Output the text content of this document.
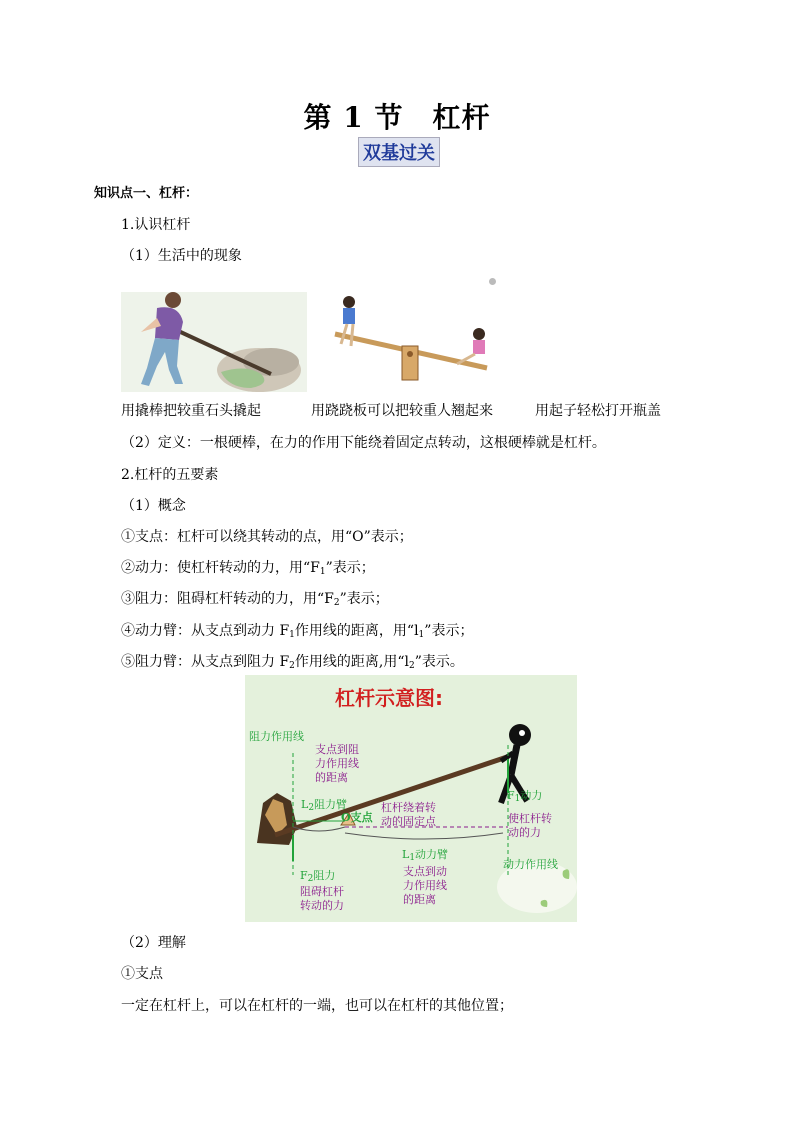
第 1 节　杠杆
双基过关
知识点一、杠杆：
1.认识杠杆
（1）生活中的现象
用撬棒把较重石头撬起	用跷跷板可以把较重人翘起来	用起子轻松打开瓶盖
（2）定义：一根硬棒，在力的作用下能绕着固定点转动，这根硬棒就是杠杆。
2.杠杆的五要素
（1）概念
①支点：杠杆可以绕其转动的点，用“O”表示；
②动力：使杠杆转动的力，用“$F_1$”表示；
③阻力：阻碍杠杆转动的力，用“$F_2$”表示；
④动力臂：从支点到动力 $F_1$作用线的距离，用“$l_1$”表示；
⑤阻力臂：从支点到阻力 $F_2$作用线的距离,用“$l_2$”表示。
杠杆示意图:
阻力作用线
支点到阻
力作用线
的距离
$L_2$阻力臂
O支点
杠杆绕着转
动的固定点
$F_1$动力
使杠杆转
动的力
$L_1$动力臂
支点到动
力作用线
的距离
动力作用线
$F_2$阻力
阻碍杠杆
转动的力
（2）理解
①支点
一定在杠杆上，可以在杠杆的一端，也可以在杠杆的其他位置；
